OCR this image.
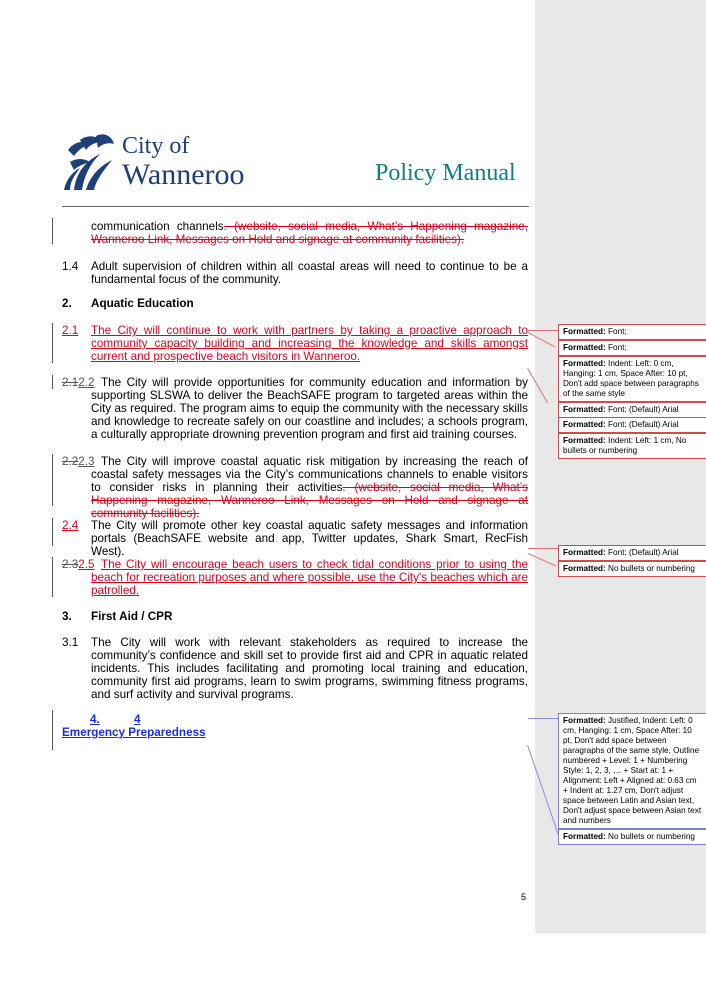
City of
Wanneroo	Policy Manual
communication channels. (website, social media, What’s Happening magazine, Wanneroo Link, Messages on Hold and signage at community facilities).
1.4 Adult supervision of children within all coastal areas will need to continue to be a fundamental focus of the community.
2. Aquatic Education
2.1 The City will continue to work with partners by taking a proactive approach to community capacity building and increasing the knowledge and skills amongst current and prospective beach visitors in Wanneroo.
2.12.2 The City will provide opportunities for community education and information by supporting SLSWA to deliver the BeachSAFE program to targeted areas within the City as required. The program aims to equip the community with the necessary skills and knowledge to recreate safely on our coastline and includes; a schools program, a culturally appropriate drowning prevention program and first aid training courses.
2.22.3 The City will improve coastal aquatic risk mitigation by increasing the reach of coastal safety messages via the City’s communications channels to enable visitors to consider risks in planning their activities. (website, social media, What’s Happening magazine, Wanneroo Link, Messages on Hold and signage at community facilities).
2.4 The City will promote other key coastal aquatic safety messages and information portals (BeachSAFE website and app, Twitter updates, Shark Smart, RecFish West).
2.32.5 The City will encourage beach users to check tidal conditions prior to using the beach for recreation purposes and where possible, use the City's beaches which are patrolled.
3. First Aid / CPR
3.1 The City will work with relevant stakeholders as required to increase the community’s confidence and skill set to provide first aid and CPR in aquatic related incidents. This includes facilitating and promoting local training and education, community first aid programs, learn to swim programs, swimming fitness programs, and surf activity and survival programs.
4.	4
Emergency Preparedness
5
Formatted: Font:
Formatted: Font:
Formatted: Indent: Left: 0 cm, Hanging: 1 cm, Space After: 10 pt, Don't add space between paragraphs of the same style
Formatted: Font: (Default) Arial
Formatted: Font: (Default) Arial
Formatted: Indent: Left: 1 cm, No bullets or numbering
Formatted: Font: (Default) Arial
Formatted: No bullets or numbering
Formatted: Justified, Indent: Left: 0 cm, Hanging: 1 cm, Space After: 10 pt, Don't add space between paragraphs of the same style, Outline numbered + Level: 1 + Numbering Style: 1, 2, 3, … + Start at: 1 + Alignment: Left + Aligned at: 0.63 cm + Indent at: 1.27 cm, Don't adjust space between Latin and Asian text, Don't adjust space between Asian text and numbers
Formatted: No bullets or numbering
